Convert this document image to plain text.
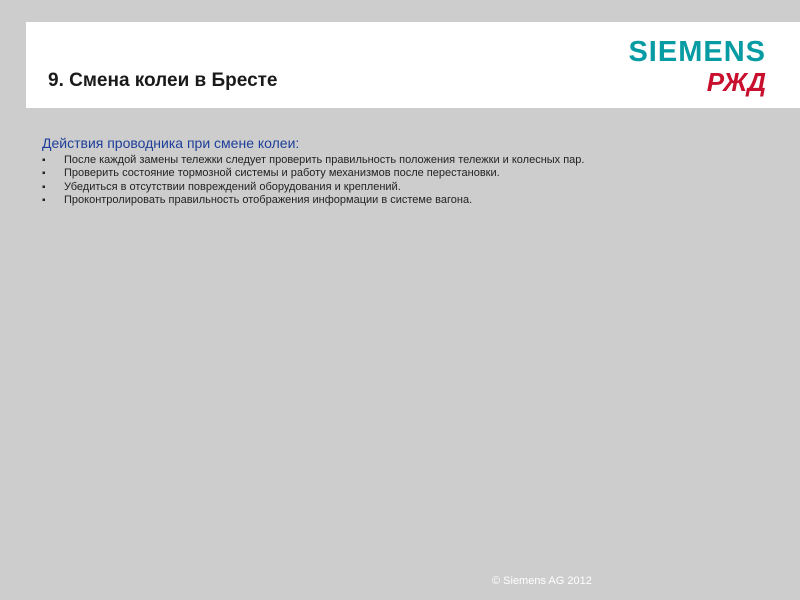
9. Смена колеи в Бресте
SIEMENS
РЖД
Действия проводника при смене колеи:
▪ После каждой замены тележки следует проверить правильность положения тележки и колесных пар.
▪ Проверить состояние тормозной системы и работу механизмов после перестановки.
▪ Убедиться в отсутствии повреждений оборудования и креплений.
▪ Проконтролировать правильность отображения информации в системе вагона.
© Siemens AG 2012
